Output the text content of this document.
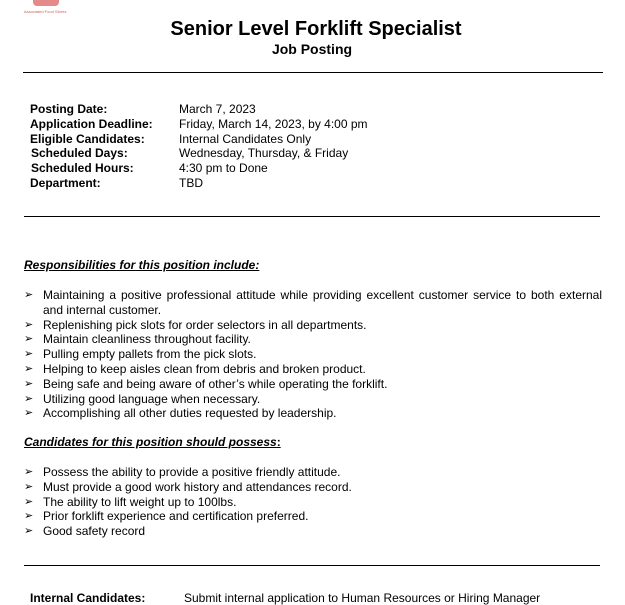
Associated Food Stores
Senior Level Forklift Specialist
Job Posting
Posting Date:	March 7, 2023
Application Deadline:	Friday, March 14, 2023, by 4:00 pm
Eligible Candidates:	Internal Candidates Only
Scheduled Days:	Wednesday, Thursday, & Friday
Scheduled Hours:	4:30 pm to Done
Department:	TBD
Responsibilities for this position include:
➢ Maintaining a positive professional attitude while providing excellent customer service to both external and internal customer.
➢ Replenishing pick slots for order selectors in all departments.
➢ Maintain cleanliness throughout facility.
➢ Pulling empty pallets from the pick slots.
➢ Helping to keep aisles clean from debris and broken product.
➢ Being safe and being aware of other’s while operating the forklift.
➢ Utilizing good language when necessary.
➢ Accomplishing all other duties requested by leadership.
Candidates for this position should possess:
➢ Possess the ability to provide a positive friendly attitude.
➢ Must provide a good work history and attendances record.
➢ The ability to lift weight up to 100lbs.
➢ Prior forklift experience and certification preferred.
➢ Good safety record
Internal Candidates:	Submit internal application to Human Resources or Hiring Manager
